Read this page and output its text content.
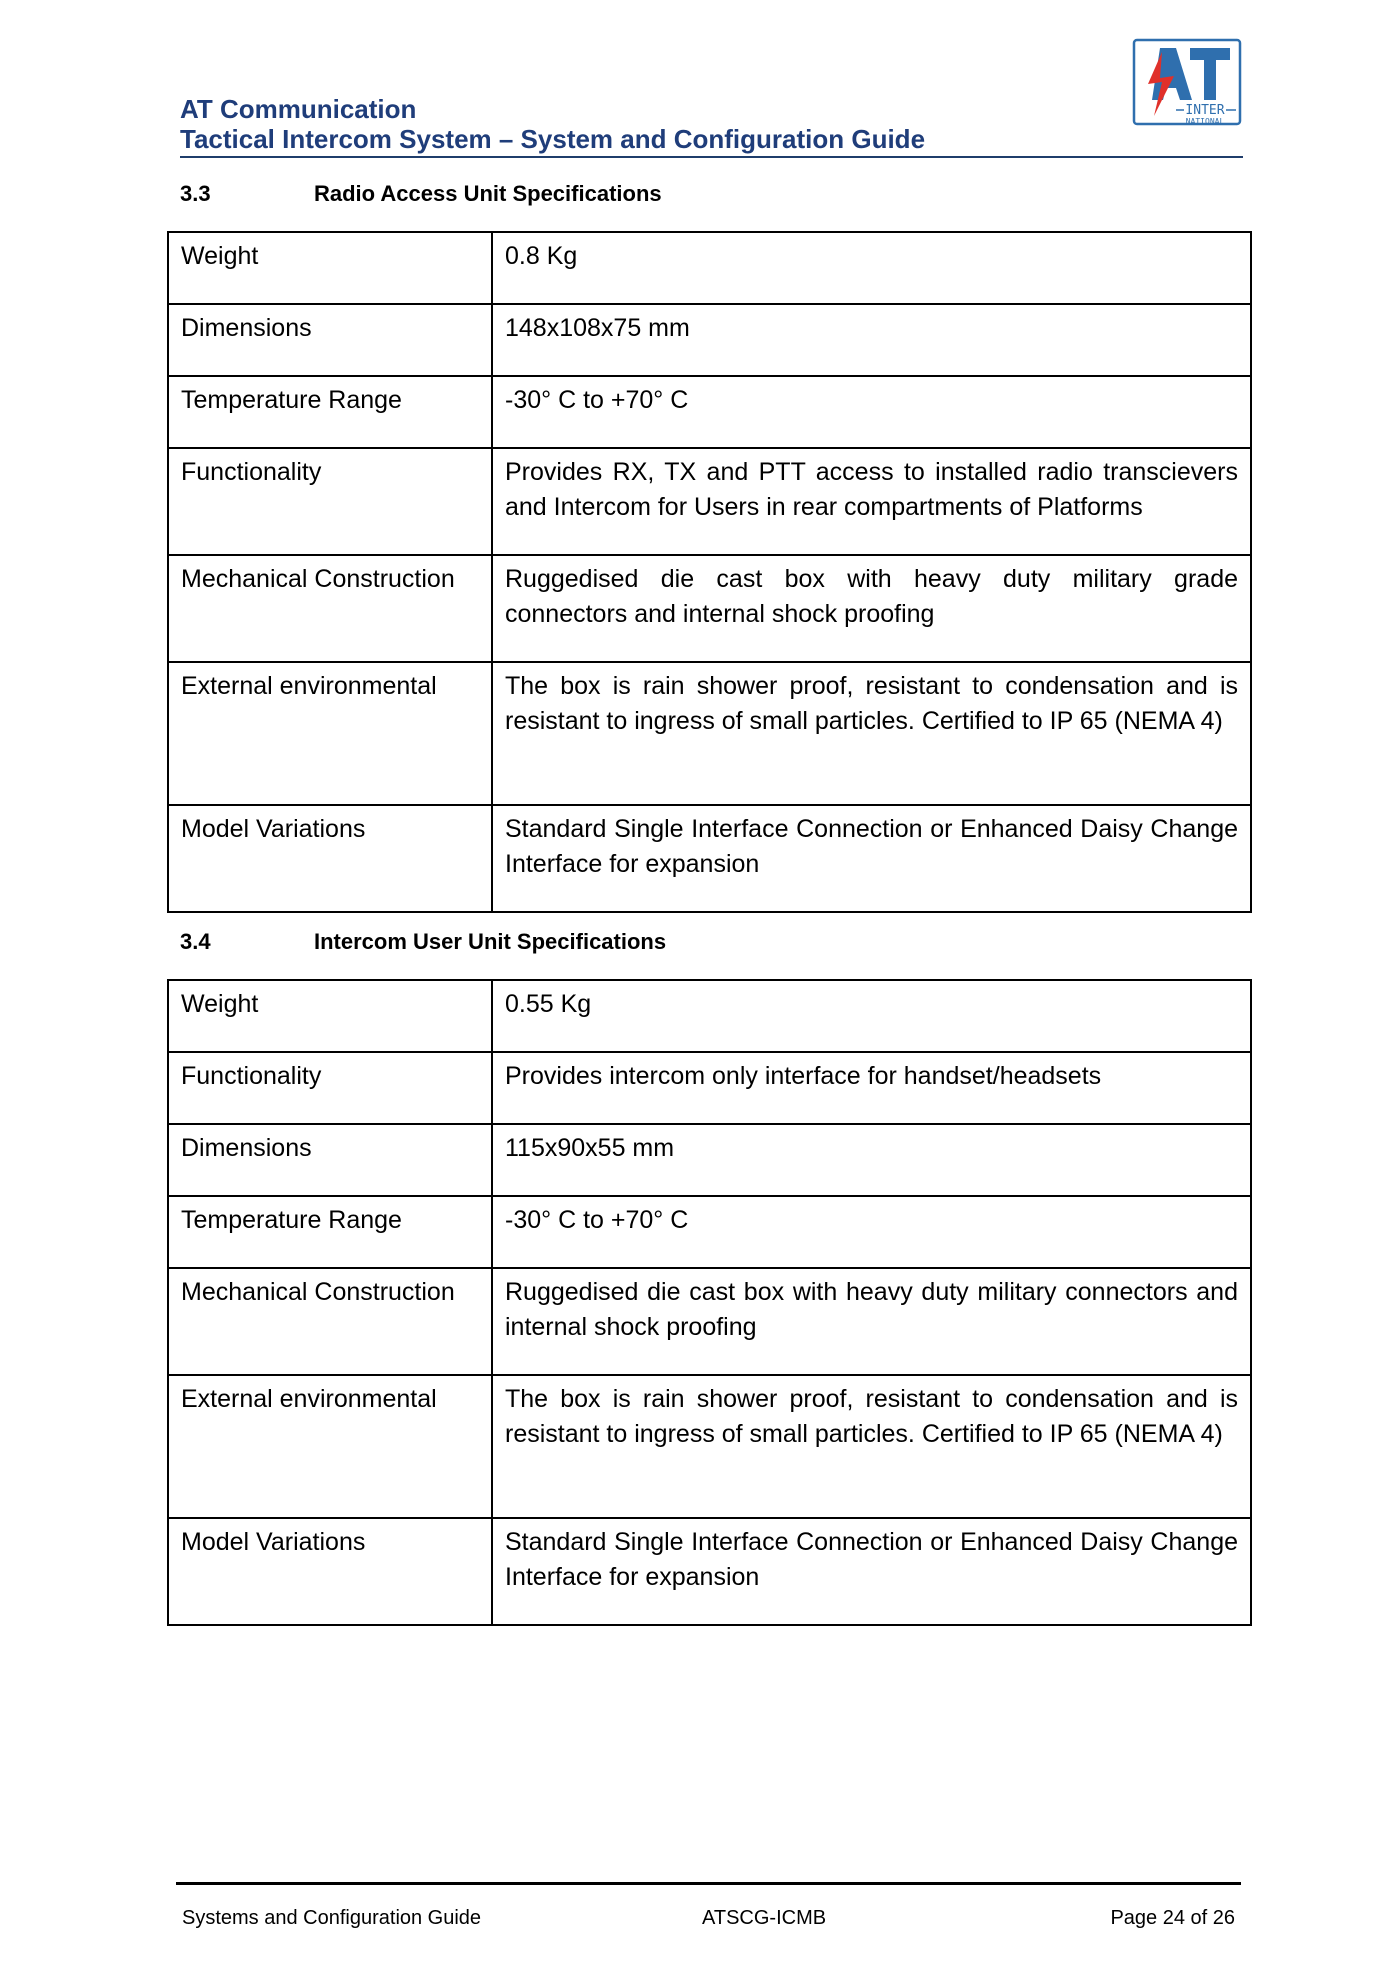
AT Communication
Tactical Intercom System – System and Configuration Guide
INTER
NATIONAL
3.3	Radio Access Unit Specifications
Weight	0.8 Kg
Dimensions	148x108x75 mm
Temperature Range	-30° C to +70° C
Functionality	Provides RX, TX and PTT access to installed radio transcievers and Intercom for Users in rear compartments of Platforms
Mechanical Construction	Ruggedised die cast box with heavy duty military grade connectors and internal shock proofing
External environmental	The box is rain shower proof, resistant to condensation and is resistant to ingress of small particles. Certified to IP 65 (NEMA 4)
Model Variations	Standard Single Interface Connection or Enhanced Daisy Change Interface for expansion
3.4	Intercom User Unit Specifications
Weight	0.55 Kg
Functionality	Provides intercom only interface for handset/headsets
Dimensions	115x90x55 mm
Temperature Range	-30° C to +70° C
Mechanical Construction	Ruggedised die cast box with heavy duty military connectors and internal shock proofing
External environmental	The box is rain shower proof, resistant to condensation and is resistant to ingress of small particles. Certified to IP 65 (NEMA 4)
Model Variations	Standard Single Interface Connection or Enhanced Daisy Change Interface for expansion
Systems and Configuration Guide	ATSCG-ICMB	Page 24 of 26
